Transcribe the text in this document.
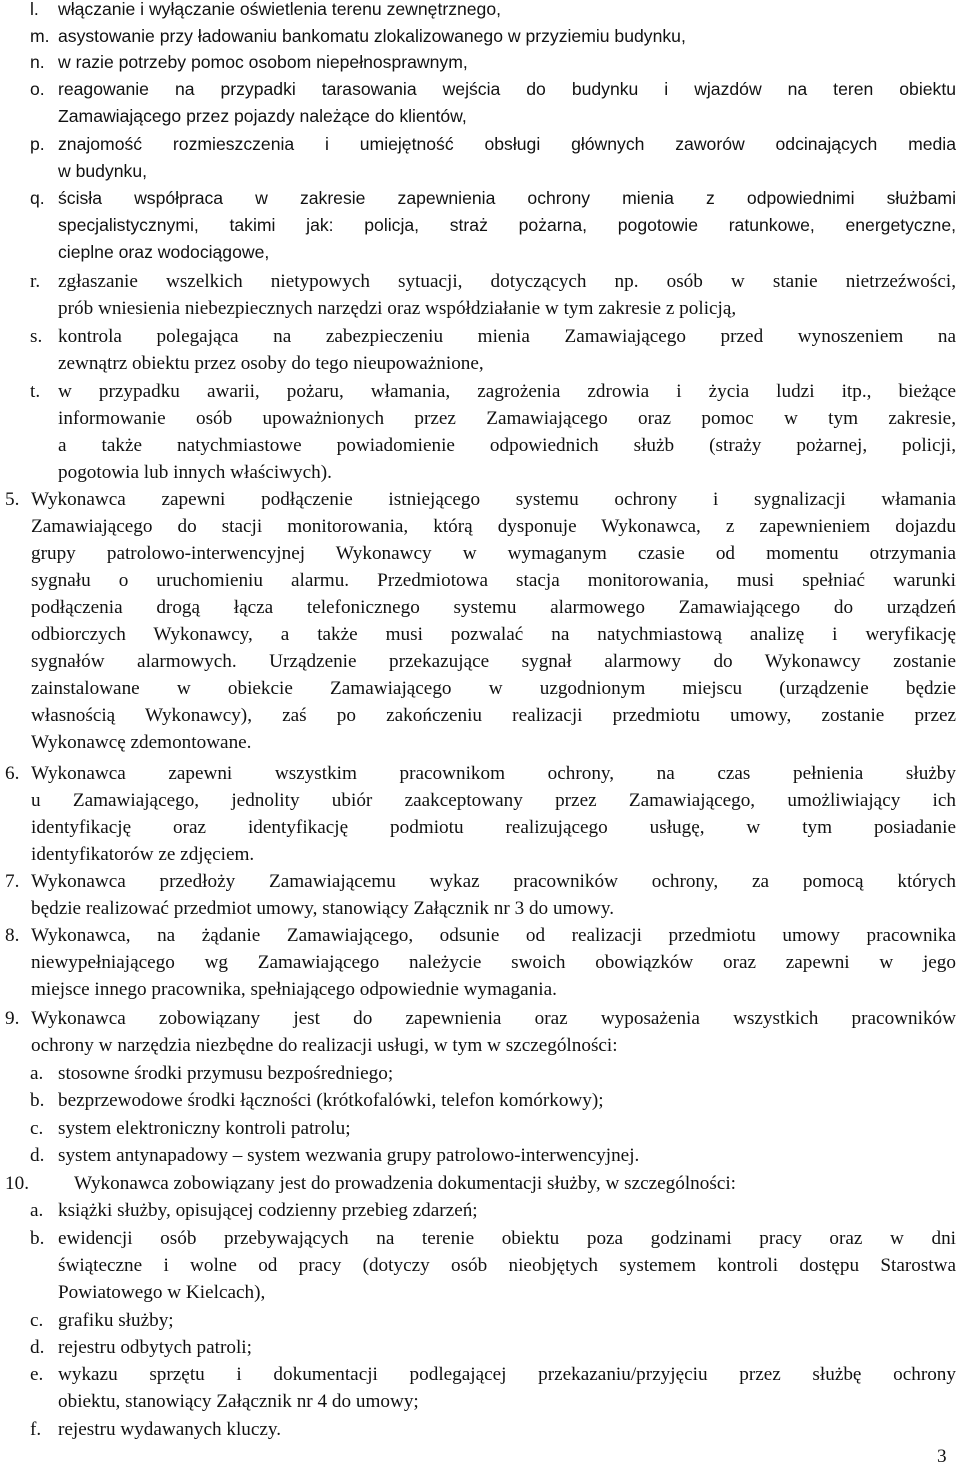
3
l. włączanie i wyłączanie oświetlenia terenu zewnętrznego,
m. asystowanie przy ładowaniu bankomatu zlokalizowanego w przyziemiu budynku,
n. w razie potrzeby pomoc osobom niepełnosprawnym,
o. reagowanie na przypadki tarasowania wejścia do budynku i wjazdów na teren obiektu
Zamawiającego przez pojazdy należące do klientów,
p. znajomość rozmieszczenia i umiejętność obsługi głównych zaworów odcinających media
w budynku,
q. ścisła współpraca w zakresie zapewnienia ochrony mienia z odpowiednimi służbami
specjalistycznymi, takimi jak: policja, straż pożarna, pogotowie ratunkowe, energetyczne,
cieplne oraz wodociągowe,
r. zgłaszanie wszelkich nietypowych sytuacji, dotyczących np. osób w stanie nietrzeźwości,
prób wniesienia niebezpiecznych narzędzi oraz współdziałanie w tym zakresie z policją,
s. kontrola polegająca na zabezpieczeniu mienia Zamawiającego przed wynoszeniem na
zewnątrz obiektu przez osoby do tego nieupoważnione,
t. w przypadku awarii, pożaru, włamania, zagrożenia zdrowia i życia ludzi itp., bieżące
informowanie osób upoważnionych przez Zamawiającego oraz pomoc w tym zakresie,
a także natychmiastowe powiadomienie odpowiednich służb (straży pożarnej, policji,
pogotowia lub innych właściwych).
5. Wykonawca zapewni podłączenie istniejącego systemu ochrony i sygnalizacji włamania
Zamawiającego do stacji monitorowania, którą dysponuje Wykonawca, z zapewnieniem dojazdu
grupy patrolowo-interwencyjnej Wykonawcy w wymaganym czasie od momentu otrzymania
sygnału o uruchomieniu alarmu. Przedmiotowa stacja monitorowania, musi spełniać warunki
podłączenia drogą łącza telefonicznego systemu alarmowego Zamawiającego do urządzeń
odbiorczych Wykonawcy, a także musi pozwalać na natychmiastową analizę i weryfikację
sygnałów alarmowych. Urządzenie przekazujące sygnał alarmowy do Wykonawcy zostanie
zainstalowane w obiekcie Zamawiającego w uzgodnionym miejscu (urządzenie będzie
własnością Wykonawcy), zaś po zakończeniu realizacji przedmiotu umowy, zostanie przez
Wykonawcę zdemontowane.
6. Wykonawca zapewni wszystkim pracownikom ochrony, na czas pełnienia służby
u Zamawiającego, jednolity ubiór zaakceptowany przez Zamawiającego, umożliwiający ich
identyfikację oraz identyfikację podmiotu realizującego usługę, w tym posiadanie
identyfikatorów ze zdjęciem.
7. Wykonawca przedłoży Zamawiającemu wykaz pracowników ochrony, za pomocą których
będzie realizować przedmiot umowy, stanowiący Załącznik nr 3 do umowy.
8. Wykonawca, na żądanie Zamawiającego, odsunie od realizacji przedmiotu umowy pracownika
niewypełniającego wg Zamawiającego należycie swoich obowiązków oraz zapewni w jego
miejsce innego pracownika, spełniającego odpowiednie wymagania.
9. Wykonawca zobowiązany jest do zapewnienia oraz wyposażenia wszystkich pracowników
ochrony w narzędzia niezbędne do realizacji usługi, w tym w szczególności:
a. stosowne środki przymusu bezpośredniego;
b. bezprzewodowe środki łączności (krótkofalówki, telefon komórkowy);
c. system elektroniczny kontroli patrolu;
d. system antynapadowy – system wezwania grupy patrolowo-interwencyjnej.
10. Wykonawca zobowiązany jest do prowadzenia dokumentacji służby, w szczególności:
a. książki służby, opisującej codzienny przebieg zdarzeń;
b. ewidencji osób przebywających na terenie obiektu poza godzinami pracy oraz w dni
świąteczne i wolne od pracy (dotyczy osób nieobjętych systemem kontroli dostępu Starostwa
Powiatowego w Kielcach),
c. grafiku służby;
d. rejestru odbytych patroli;
e. wykazu sprzętu i dokumentacji podlegającej przekazaniu/przyjęciu przez służbę ochrony
obiektu, stanowiący Załącznik nr 4 do umowy;
f. rejestru wydawanych kluczy.
